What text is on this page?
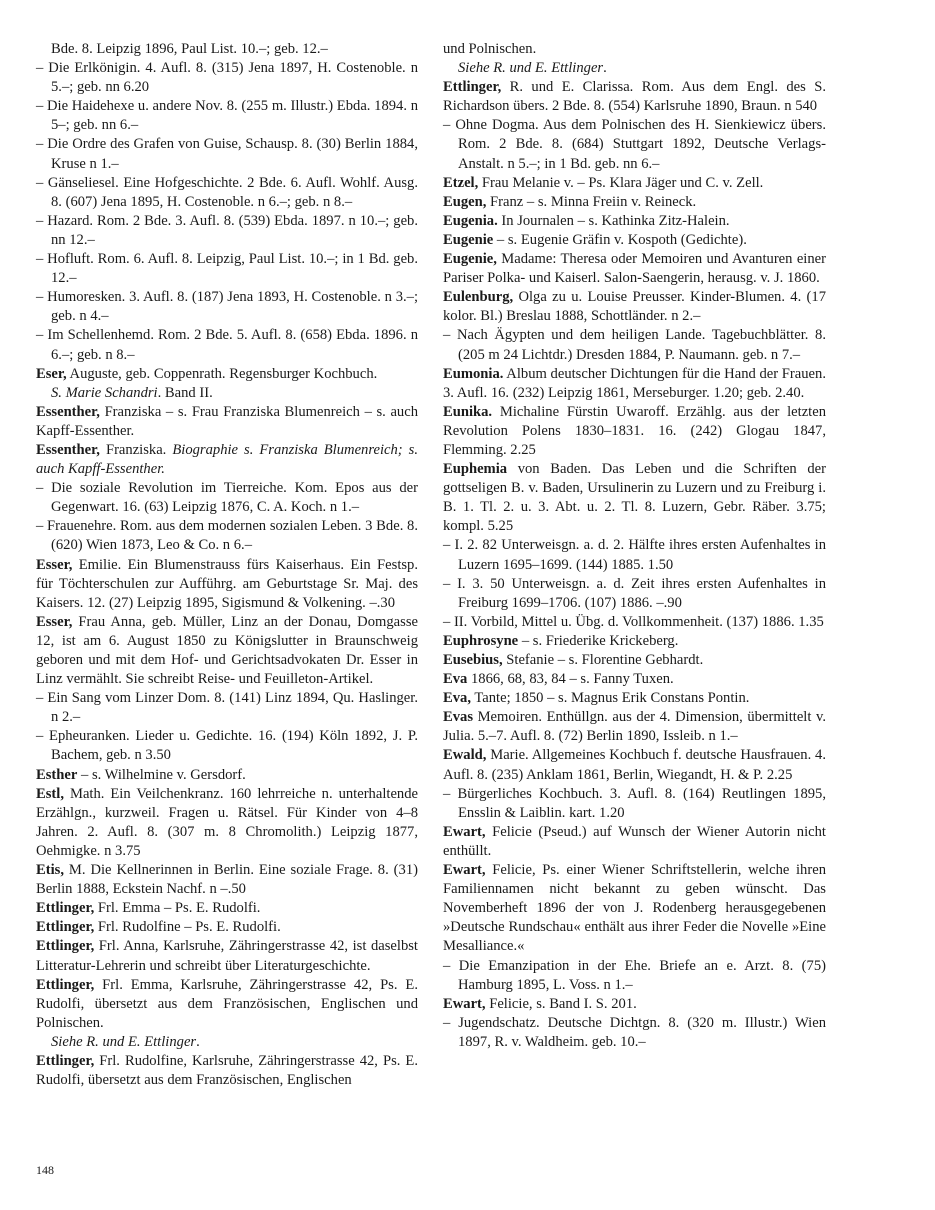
Bde. 8. Leipzig 1896, Paul List. 10.–; geb. 12.–

– Die Erlkönigin. 4. Aufl. 8. (315) Jena 1897, H. Costenoble. n 5.–; geb. nn 6.20

– Die Haidehexe u. andere Nov. 8. (255 m. Illustr.) Ebda. 1894. n 5–; geb. nn 6.–

– Die Ordre des Grafen von Guise, Schausp. 8. (30) Berlin 1884, Kruse n 1.–

– Gänseliesel. Eine Hofgeschichte. 2 Bde. 6. Aufl. Wohlf. Ausg. 8. (607) Jena 1895, H. Costenoble. n 6.–; geb. n 8.–

– Hazard. Rom. 2 Bde. 3. Aufl. 8. (539) Ebda. 1897. n 10.–; geb. nn 12.–

– Hofluft. Rom. 6. Aufl. 8. Leipzig, Paul List. 10.–; in 1 Bd. geb. 12.–

– Humoresken. 3. Aufl. 8. (187) Jena 1893, H. Costenoble. n 3.–; geb. n 4.–

– Im Schellenhemd. Rom. 2 Bde. 5. Aufl. 8. (658) Ebda. 1896. n 6.–; geb. n 8.–

Eser, Auguste, geb. Coppenrath. Regensburger Kochbuch.

S. Marie Schandri. Band II.

Essenther, Franziska – s. Frau Franziska Blumenreich – s. auch Kapff-Essenther.

Essenther, Franziska. Biographie s. Franziska Blumenreich; s. auch Kapff-Essenther.

– Die soziale Revolution im Tierreiche. Kom. Epos aus der Gegenwart. 16. (63) Leipzig 1876, C. A. Koch. n 1.–

– Frauenehre. Rom. aus dem modernen sozialen Leben. 3 Bde. 8. (620) Wien 1873, Leo & Co. n 6.–

Esser, Emilie. Ein Blumenstrauss fürs Kaiserhaus. Ein Festsp. für Töchterschulen zur Aufführg. am Geburtstage Sr. Maj. des Kaisers. 12. (27) Leipzig 1895, Sigismund & Volkening. –.30

Esser, Frau Anna, geb. Müller, Linz an der Donau, Domgasse 12, ist am 6. August 1850 zu Königslutter in Braunschweig geboren und mit dem Hof- und Gerichtsadvokaten Dr. Esser in Linz vermählt. Sie schreibt Reise- und Feuilleton-Artikel.

– Ein Sang vom Linzer Dom. 8. (141) Linz 1894, Qu. Haslinger. n 2.–

– Epheuranken. Lieder u. Gedichte. 16. (194) Köln 1892, J. P. Bachem, geb. n 3.50

Esther – s. Wilhelmine v. Gersdorf.

Estl, Math. Ein Veilchenkranz. 160 lehrreiche n. unterhaltende Erzählgn., kurzweil. Fragen u. Rätsel. Für Kinder von 4–8 Jahren. 2. Aufl. 8. (307 m. 8 Chromolith.) Leipzig 1877, Oehmigke. n 3.75

Etis, M. Die Kellnerinnen in Berlin. Eine soziale Frage. 8. (31) Berlin 1888, Eckstein Nachf. n –.50

Ettlinger, Frl. Emma – Ps. E. Rudolfi.

Ettlinger, Frl. Rudolfine – Ps. E. Rudolfi.

Ettlinger, Frl. Anna, Karlsruhe, Zähringerstrasse 42, ist daselbst Litteratur-Lehrerin und schreibt über Literaturgeschichte.

Ettlinger, Frl. Emma, Karlsruhe, Zähringerstrasse 42, Ps. E. Rudolfi, übersetzt aus dem Französischen, Englischen und Polnischen.

Siehe R. und E. Ettlinger.

Ettlinger, Frl. Rudolfine, Karlsruhe, Zähringerstrasse 42, Ps. E. Rudolfi, übersetzt aus dem Französischen, Englischen

und Polnischen.

Siehe R. und E. Ettlinger.

Ettlinger, R. und E. Clarissa. Rom. Aus dem Engl. des S. Richardson übers. 2 Bde. 8. (554) Karlsruhe 1890, Braun. n 540

– Ohne Dogma. Aus dem Polnischen des H. Sienkiewicz übers. Rom. 2 Bde. 8. (684) Stuttgart 1892, Deutsche Verlags-Anstalt. n 5.–; in 1 Bd. geb. nn 6.–

Etzel, Frau Melanie v. – Ps. Klara Jäger und C. v. Zell.

Eugen, Franz – s. Minna Freiin v. Reineck.

Eugenia. In Journalen – s. Kathinka Zitz-Halein.

Eugenie – s. Eugenie Gräfin v. Kospoth (Gedichte).

Eugenie, Madame: Theresa oder Memoiren und Avanturen einer Pariser Polka- und Kaiserl. Salon-Saengerin, herausg. v. J. 1860.

Eulenburg, Olga zu u. Louise Preusser. Kinder-Blumen. 4. (17 kolor. Bl.) Breslau 1888, Schottländer. n 2.–

– Nach Ägypten und dem heiligen Lande. Tagebuchblätter. 8. (205 m 24 Lichtdr.) Dresden 1884, P. Naumann. geb. n 7.–

Eumonia. Album deutscher Dichtungen für die Hand der Frauen. 3. Aufl. 16. (232) Leipzig 1861, Merseburger. 1.20; geb. 2.40.

Eunika. Michaline Fürstin Uwaroff. Erzählg. aus der letzten Revolution Polens 1830–1831. 16. (242) Glogau 1847, Flemming. 2.25

Euphemia von Baden. Das Leben und die Schriften der gottseligen B. v. Baden, Ursulinerin zu Luzern und zu Freiburg i. B. 1. Tl. 2. u. 3. Abt. u. 2. Tl. 8. Luzern, Gebr. Räber. 3.75; kompl. 5.25

– I. 2. 82 Unterweisgn. a. d. 2. Hälfte ihres ersten Aufenhaltes in Luzern 1695–1699. (144) 1885. 1.50

– I. 3. 50 Unterweisgn. a. d. Zeit ihres ersten Aufenhaltes in Freiburg 1699–1706. (107) 1886. –.90

– II. Vorbild, Mittel u. Übg. d. Vollkommenheit. (137) 1886. 1.35

Euphrosyne – s. Friederike Krickeberg.

Eusebius, Stefanie – s. Florentine Gebhardt.

Eva 1866, 68, 83, 84 – s. Fanny Tuxen.

Eva, Tante; 1850 – s. Magnus Erik Constans Pontin.

Evas Memoiren. Enthüllgn. aus der 4. Dimension, übermittelt v. Julia. 5.–7. Aufl. 8. (72) Berlin 1890, Issleib. n 1.–

Ewald, Marie. Allgemeines Kochbuch f. deutsche Hausfrauen. 4. Aufl. 8. (235) Anklam 1861, Berlin, Wiegandt, H. & P. 2.25

– Bürgerliches Kochbuch. 3. Aufl. 8. (164) Reutlingen 1895, Ensslin & Laiblin. kart. 1.20

Ewart, Felicie (Pseud.) auf Wunsch der Wiener Autorin nicht enthüllt.

Ewart, Felicie, Ps. einer Wiener Schriftstellerin, welche ihren Familiennamen nicht bekannt zu geben wünscht. Das Novemberheft 1896 der von J. Rodenberg herausgegebenen »Deutsche Rundschau« enthält aus ihrer Feder die Novelle »Eine Mesalliance.«

– Die Emanzipation in der Ehe. Briefe an e. Arzt. 8. (75) Hamburg 1895, L. Voss. n 1.–

Ewart, Felicie, s. Band I. S. 201.

– Jugendschatz. Deutsche Dichtgn. 8. (320 m. Illustr.) Wien 1897, R. v. Waldheim. geb. 10.–

148
